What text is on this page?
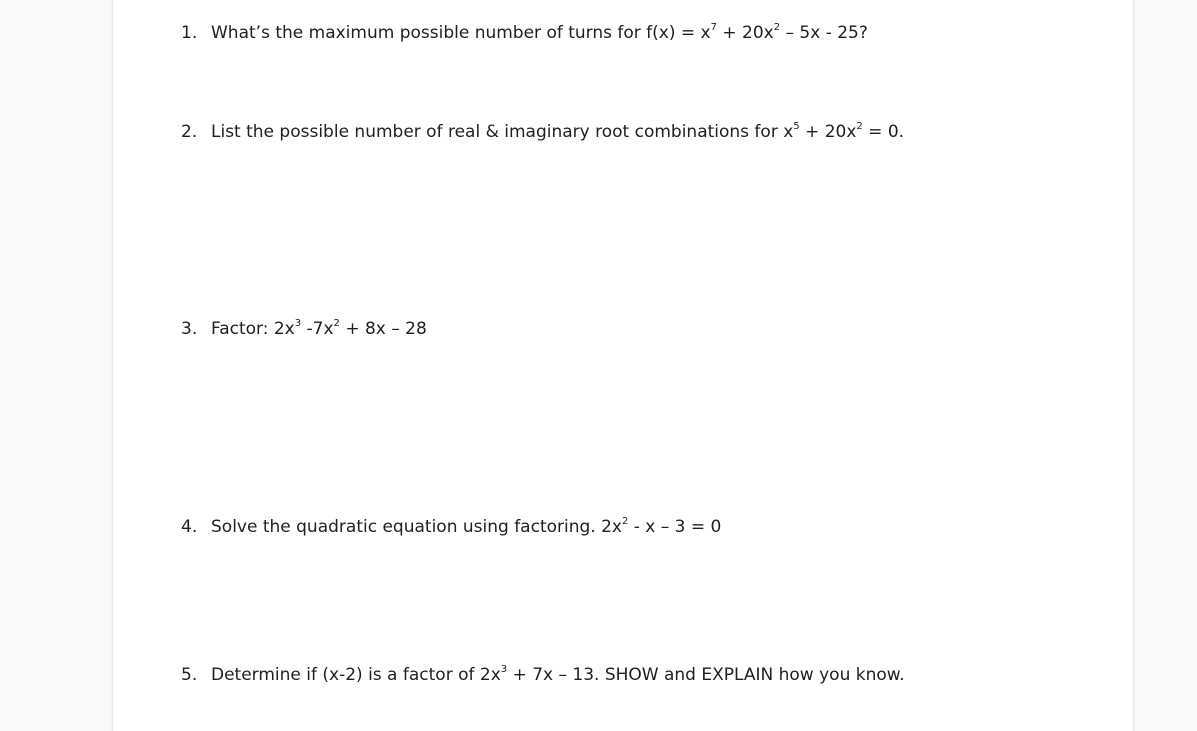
1. What’s the maximum possible number of turns for $f(x) = x^7 + 20x^2 - 5x - 25$?
2. List the possible number of real & imaginary root combinations for $x^5 + 20x^2 = 0$.
3. Factor: $2x^3$ $-7x^2 + 8x - 28$
4. Solve the quadratic equation using factoring. $2x^2 - x - 3 = 0$
5. Determine if (x-2) is a factor of $2x^3 + 7x - 13$. SHOW and EXPLAIN how you know.
